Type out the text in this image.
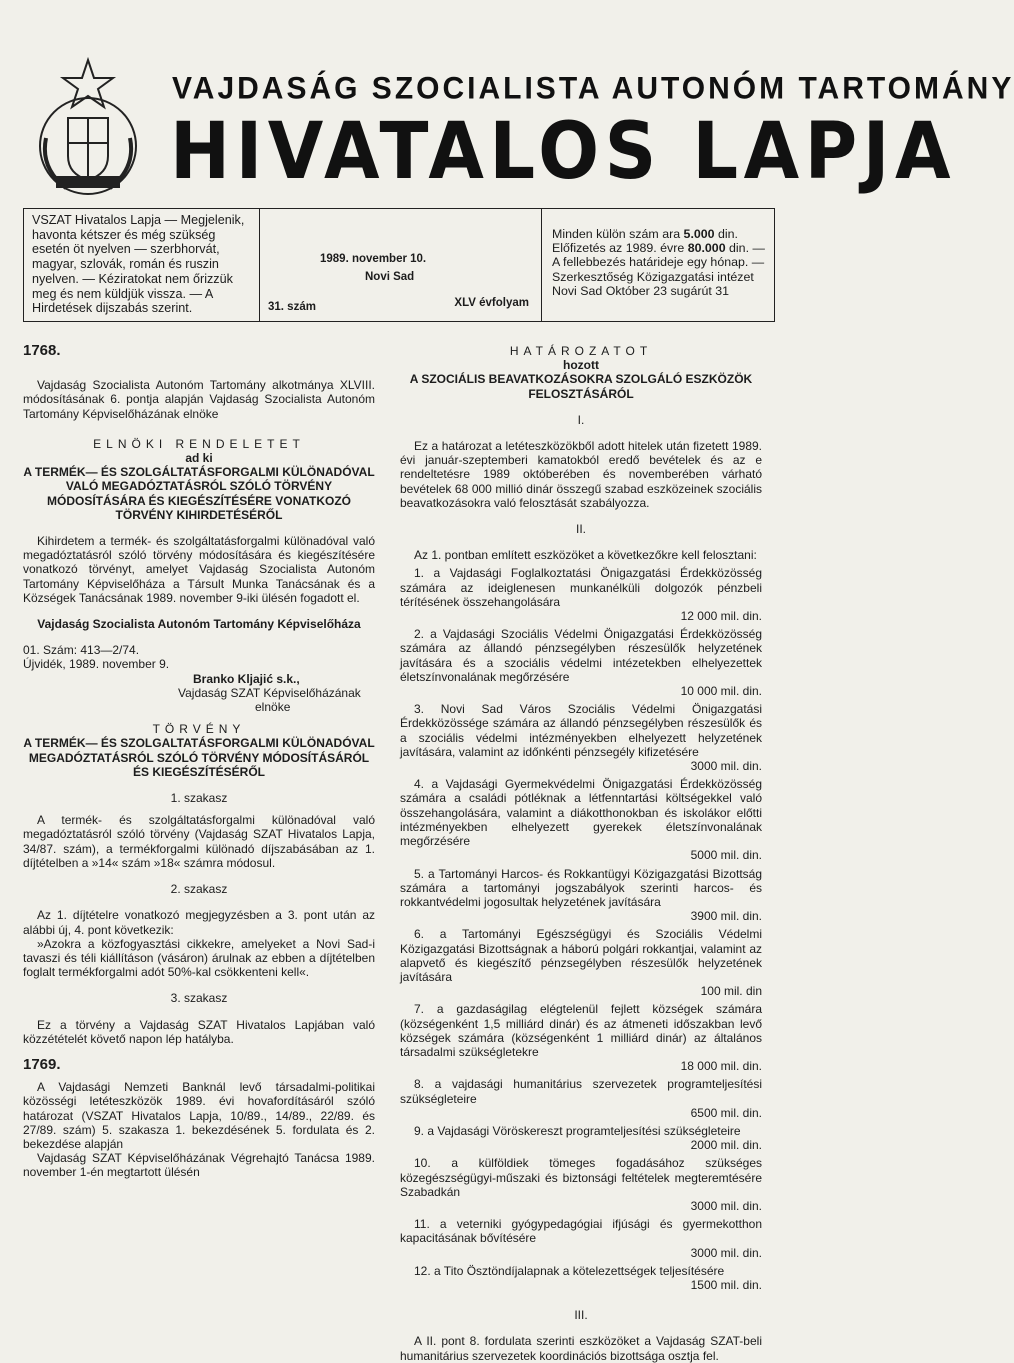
VAJDASÁG SZOCIALISTA AUTONÓM TARTOMÁNY
HIVATALOS LAPJA
VSZAT Hivatalos Lapja — Megjelenik, havonta kétszer és még szükség esetén öt nyelven — szerbhorvát, magyar, szlovák, román és ruszin nyelven. — Kéziratokat nem őrizzük meg és nem küldjük vissza. — A Hirdetések dijszabás szerint.
1989. november 10.
Novi Sad
31. szám	XLV évfolyam
Minden külön szám ara 5.000 din. Előfizetés az 1989. évre 80.000 din. — A fellebbezés határideje egy hónap. — Szerkesztőség Közigazgatási intézet Novi Sad Október 23 sugárút 31

1768.

Vajdaság Szocialista Autonóm Tartomány alkotmánya XLVIII. módosításának 6. pontja alapján Vajdaság Szocialista Autonóm Tartomány Képviselőházának elnöke

ELNÖKI RENDELETET

ad ki

A TERMÉK— ÉS SZOLGÁLTATÁSFORGALMI KÜLÖNADÓVAL VALÓ MEGADÓZTATÁSRÓL SZÓLÓ TÖRVÉNY MÓDOSÍTÁSÁRA ÉS KIEGÉSZÍTÉSÉRE VONATKOZÓ TÖRVÉNY KIHIRDETÉSÉRŐL

Kihirdetem a termék- és szolgáltatásforgalmi különadóval való megadóztatásról szóló törvény módosítására és kiegészítésére vonatkozó törvényt, amelyet Vajdaság Szocialista Autonóm Tartomány Képviselőháza a Társult Munka Tanácsának és a Községek Tanácsának 1989. november 9-iki ülésén fogadott el.

Vajdaság Szocialista Autonóm Tartomány Képviselőháza

01. Szám: 413—2/74.

Újvidék, 1989. november 9.

Branko Kljajić s.k.,

Vajdaság SZAT Képviselőházának

elnöke

TÖRVÉNY

A TERMÉK— ÉS SZOLGALTATÁSFORGALMI KÜLÖNADÓVAL MEGADÓZTATÁSRÓL SZÓLÓ TÖRVÉNY MÓDOSÍTÁSÁRÓL ÉS KIEGÉSZÍTÉSÉRŐL

1. szakasz

A termék- és szolgáltatásforgalmi különadóval való megadóztatásról szóló törvény (Vajdaság SZAT Hivatalos Lapja, 34/87. szám), a termékforgalmi különadó díjszabásában az 1. díjtételben a »14« szám »18« számra módosul.

2. szakasz

Az 1. díjtételre vonatkozó megjegyzésben a 3. pont után az alábbi új, 4. pont következik:

»Azokra a közfogyasztási cikkekre, amelyeket a Novi Sad-i tavaszi és téli kiállításon (vásáron) árulnak az ebben a díjtételben foglalt termékforgalmi adót 50%-kal csökkenteni kell«.

3. szakasz

Ez a törvény a Vajdaság SZAT Hivatalos Lapjában való közzétételét követő napon lép hatályba.

1769.

A Vajdasági Nemzeti Banknál levő társadalmi-politikai közösségi letéteszközök 1989. évi hovafordításáról szóló határozat (VSZAT Hivatalos Lapja, 10/89., 14/89., 22/89. és 27/89. szám) 5. szakasza 1. bekezdésének 5. fordulata és 2. bekezdése alapján

Vajdaság SZAT Képviselőházának Végrehajtó Tanácsa 1989. november 1-én megtartott ülésén

HATÁROZATOT

hozott

A SZOCIÁLIS BEAVATKOZÁSOKRA SZOLGÁLÓ ESZKÖZÖK FELOSZTÁSÁRÓL

I.

Ez a határozat a letéteszközökből adott hitelek után fizetett 1989. évi január-szeptemberi kamatokból eredő bevételek és az e rendeltetésre 1989 októberében és novemberében várható bevételek 68 000 millió dinár összegű szabad eszközeinek szociális beavatkozásokra való felosztását szabályozza.

II.

Az 1. pontban említett eszközöket a következőkre kell felosztani:

1. a Vajdasági Foglalkoztatási Önigazgatási Érdekközösség számára az ideiglenesen munkanélküli dolgozók pénzbeli térítésének összehangolására

12 000 mil. din.

2. a Vajdasági Szociális Védelmi Önigazgatási Érdekközösség számára az állandó pénzsegélyben részesülők helyzetének javítására és a szociális védelmi intézetekben elhelyezettek életszínvonalának megőrzésére

10 000 mil. din.

3. Novi Sad Város Szociális Védelmi Önigazgatási Érdekközössége számára az állandó pénzsegélyben részesülők és a szociális védelmi intézményekben elhelyezett helyzetének javítására, valamint az időnkénti pénzsegély kifizetésére

3000 mil. din.

4. a Vajdasági Gyermekvédelmi Önigazgatási Érdekközösség számára a családi pótléknak a létfenntartási költségekkel való összehangolására, valamint a diákotthonokban és iskolákor előtti intézményekben elhelyezett gyerekek életszínvonalának megőrzésére

5000 mil. din.

5. a Tartományi Harcos- és Rokkantügyi Közigazgatási Bizottság számára a tartományi jogszabályok szerinti harcos- és rokkantvédelmi jogosultak helyzetének javítására

3900 mil. din.

6. a Tartományi Egészségügyi és Szociális Védelmi Közigazgatási Bizottságnak a háború polgári rokkantjai, valamint az alapvető és kiegészítő pénzsegélyben részesülők helyzetének javítására

100 mil. din

7. a gazdaságilag elégtelenül fejlett községek számára (községenként 1,5 milliárd dinár) és az átmeneti időszakban levő községek számára (községenként 1 milliárd dinár) az általános társadalmi szükségletekre

18 000 mil. din.

8. a vajdasági humanitárius szervezetek programteljesítési szükségleteire

6500 mil. din.

9. a Vajdasági Vöröskereszt programteljesítési szükségleteire

2000 mil. din.

10. a külföldiek tömeges fogadásához szükséges közegészségügyi-műszaki és biztonsági feltételek megteremtésére Szabadkán

3000 mil. din.

11. a veterniki gyógypedagógiai ifjúsági és gyermekotthon kapacitásának bővítésére

3000 mil. din.

12. a Tito Ösztöndíjalapnak a kötelezettségek teljesítésére

1500 mil. din.

III.

A II. pont 8. fordulata szerinti eszközöket a Vajdaság SZAT-beli humanitárius szervezetek koordinációs bizottsága osztja fel.
